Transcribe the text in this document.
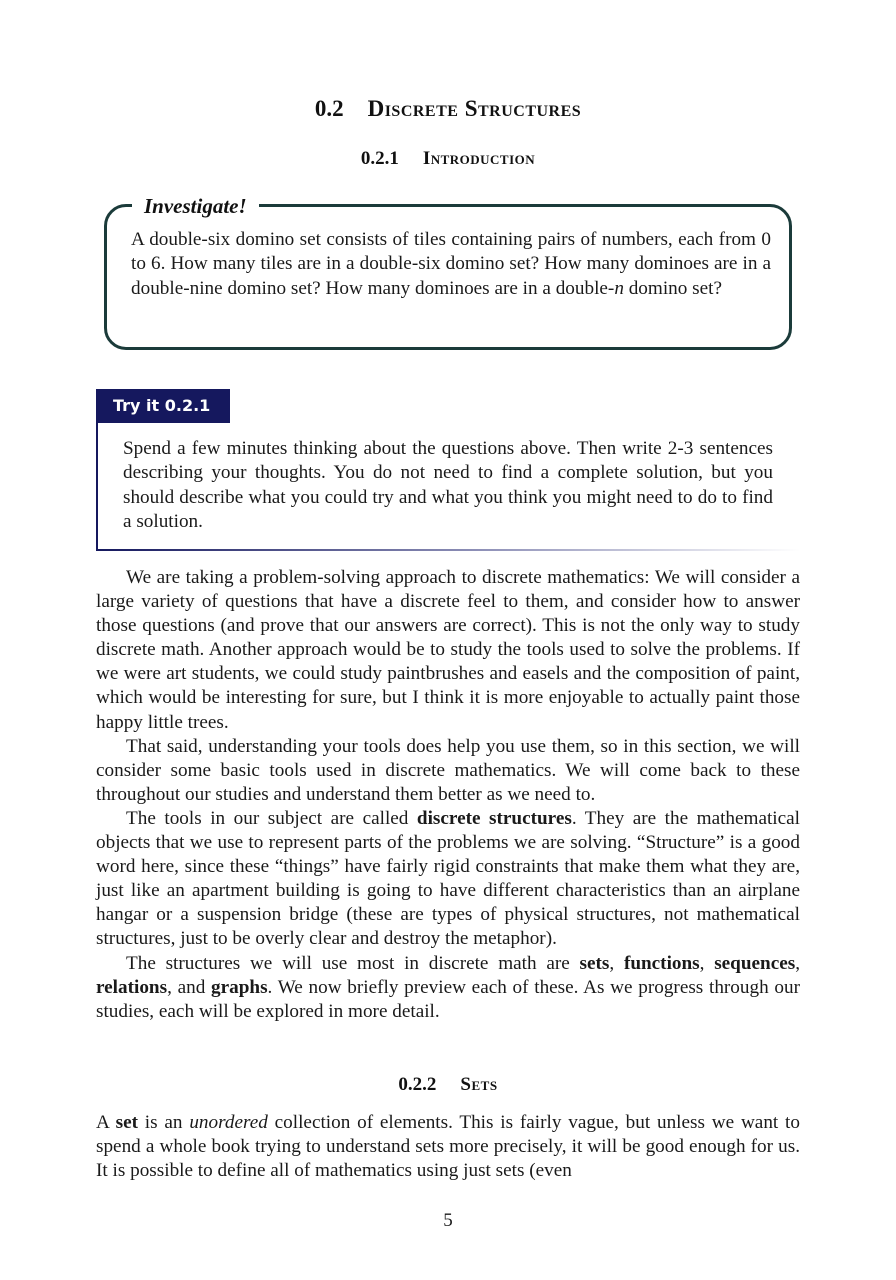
0.2 Discrete Structures
0.2.1 Introduction
Investigate!
A double-six domino set consists of tiles containing pairs of numbers, each from 0 to 6. How many tiles are in a double-six domino set? How many dominoes are in a double-nine domino set? How many dominoes are in a double-n domino set?
Try it 0.2.1
Spend a few minutes thinking about the questions above. Then write 2-3 sentences describing your thoughts. You do not need to find a complete solution, but you should describe what you could try and what you think you might need to do to find a solution.

We are taking a problem-solving approach to discrete mathematics: We will consider a large variety of questions that have a discrete feel to them, and consider how to answer those questions (and prove that our answers are correct). This is not the only way to study discrete math. Another approach would be to study the tools used to solve the problems. If we were art students, we could study paintbrushes and easels and the composition of paint, which would be interesting for sure, but I think it is more enjoyable to actually paint those happy little trees.

That said, understanding your tools does help you use them, so in this section, we will consider some basic tools used in discrete mathematics. We will come back to these throughout our studies and understand them better as we need to.

The tools in our subject are called discrete structures. They are the mathematical objects that we use to represent parts of the problems we are solving. “Structure” is a good word here, since these “things” have fairly rigid constraints that make them what they are, just like an apartment building is going to have different characteristics than an airplane hangar or a suspension bridge (these are types of physical structures, not mathematical structures, just to be overly clear and destroy the metaphor).

The structures we will use most in discrete math are sets, functions, sequences, relations, and graphs. We now briefly preview each of these. As we progress through our studies, each will be explored in more detail.

0.2.2 Sets

A set is an unordered collection of elements. This is fairly vague, but unless we want to spend a whole book trying to understand sets more precisely, it will be good enough for us. It is possible to define all of mathematics using just sets (even

5
